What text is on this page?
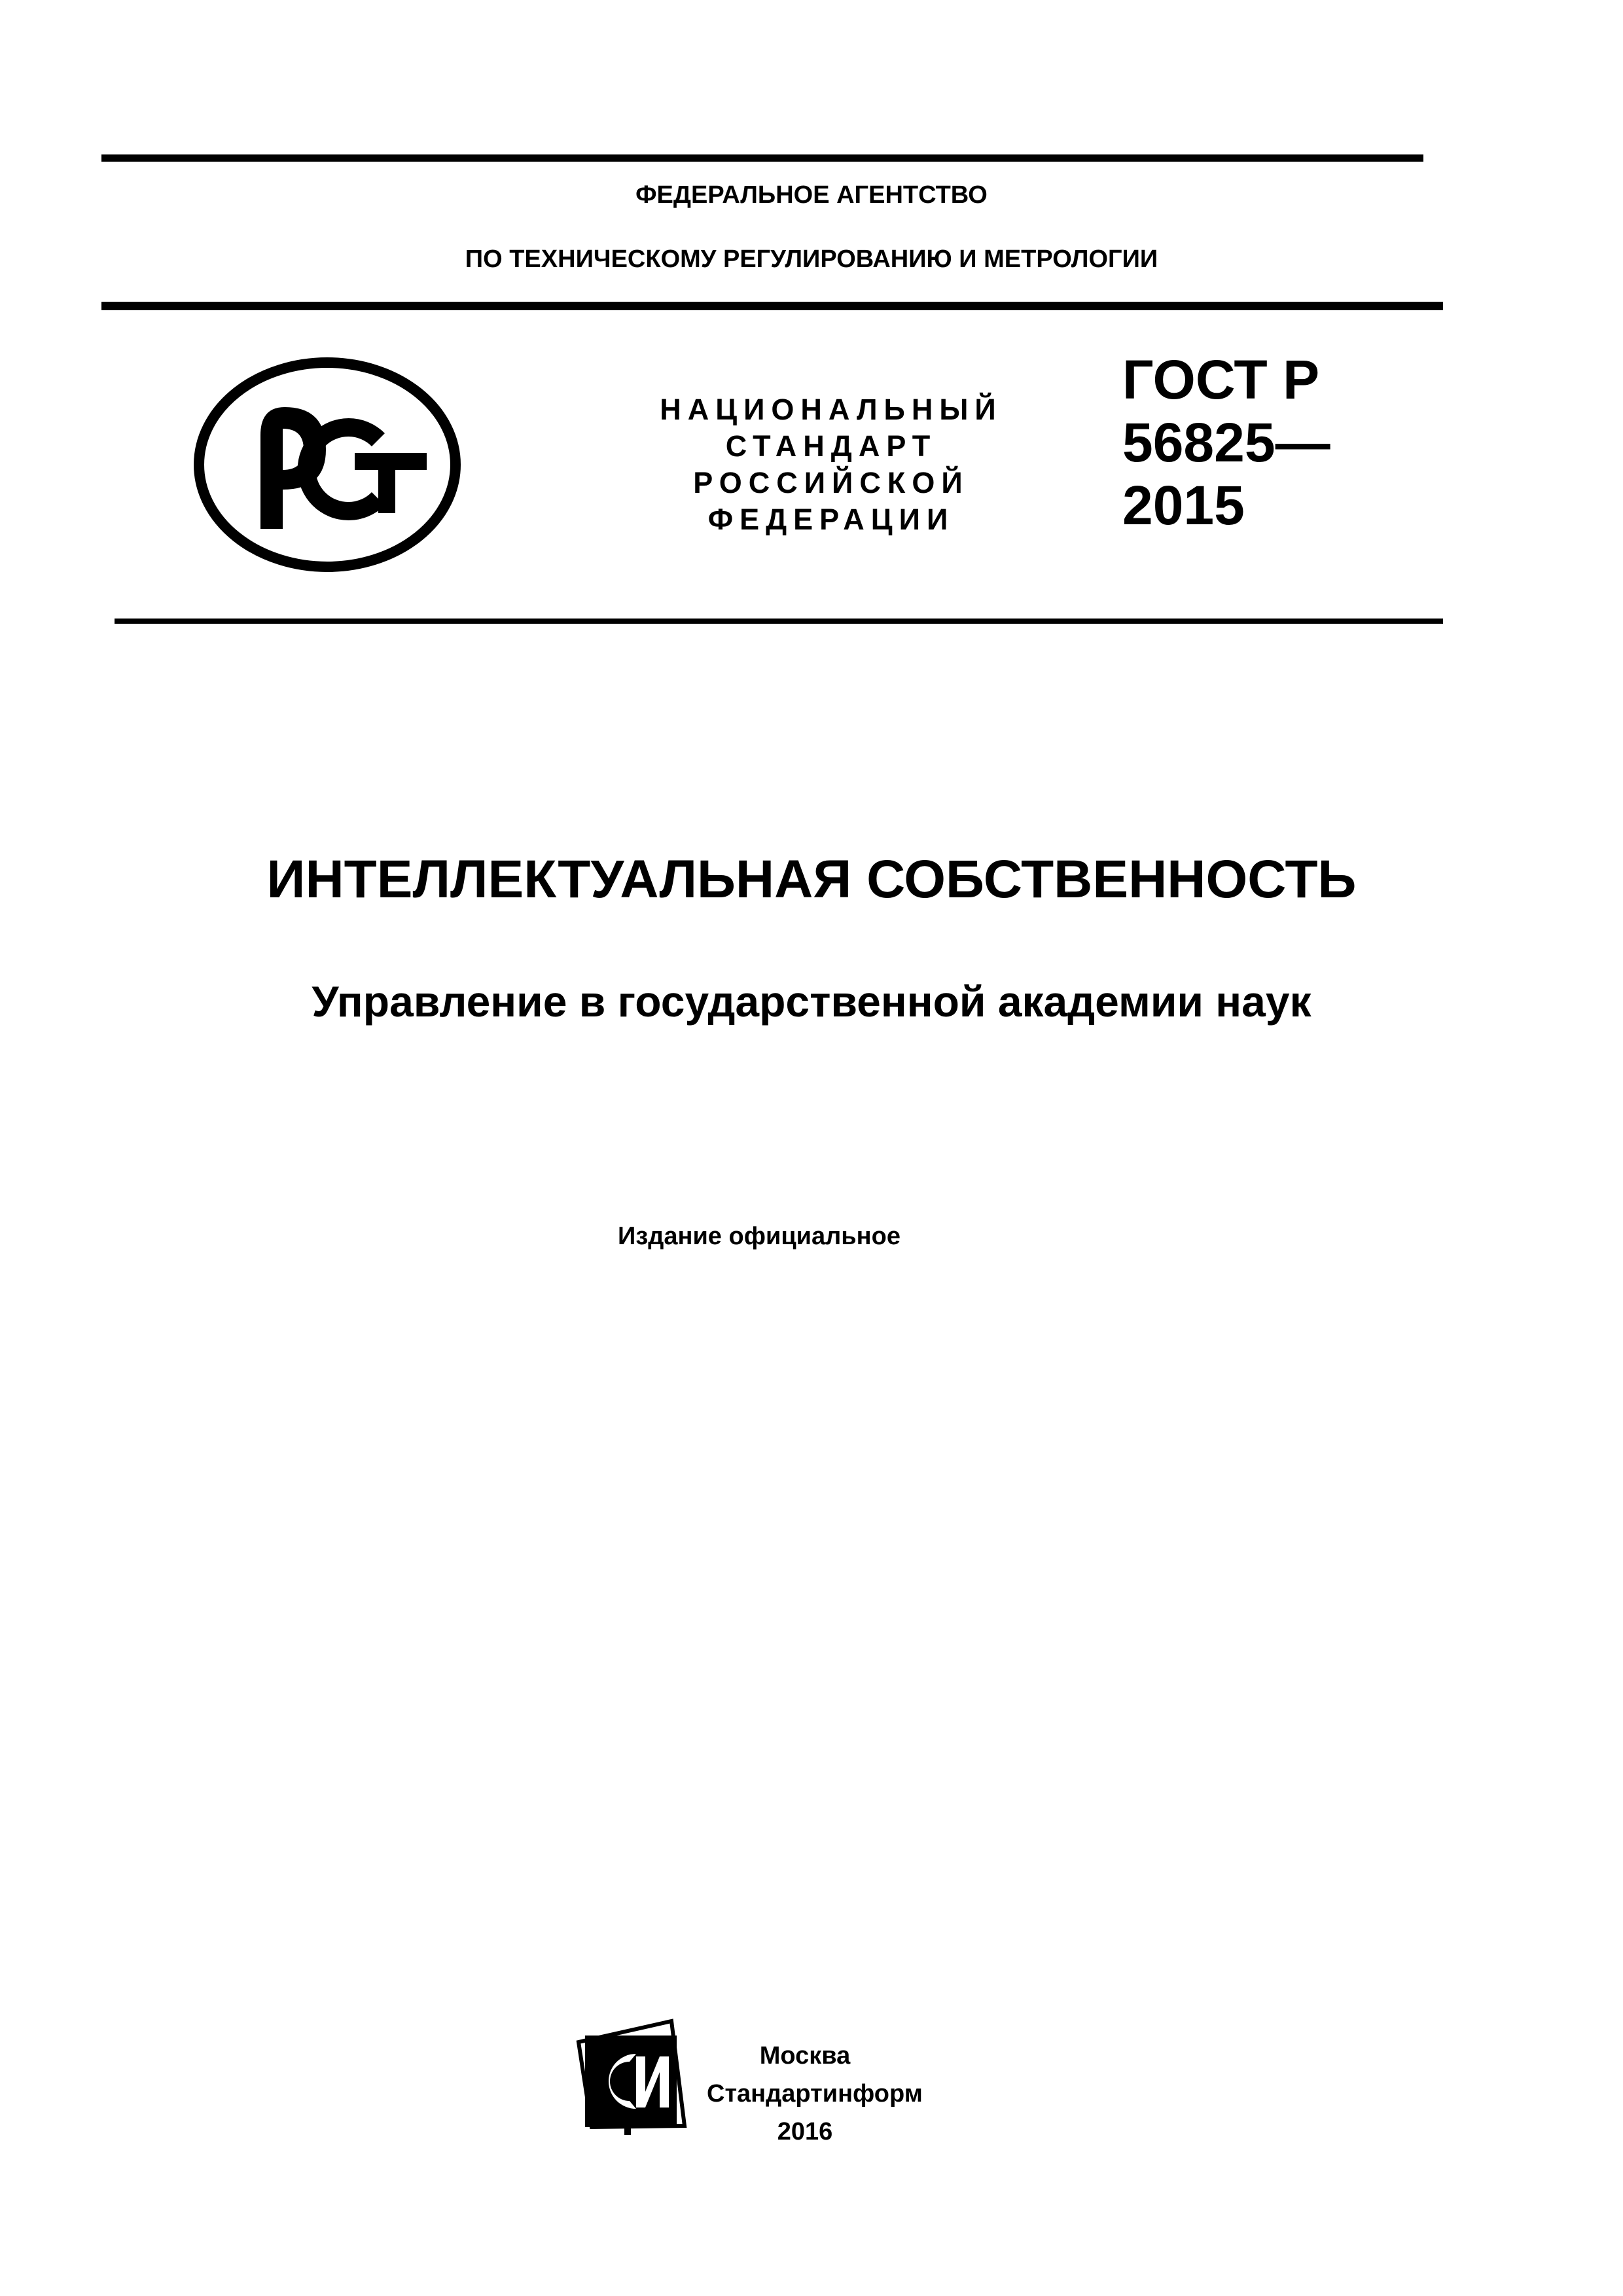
ФЕДЕРАЛЬНОЕ АГЕНТСТВО
ПО ТЕХНИЧЕСКОМУ РЕГУЛИРОВАНИЮ И МЕТРОЛОГИИ
НАЦИОНАЛЬНЫЙ
СТАНДАРТ
РОССИЙСКОЙ
ФЕДЕРАЦИИ
ГОСТ Р
56825—
2015
ИНТЕЛЛЕКТУАЛЬНАЯ СОБСТВЕННОСТЬ
Управление в государственной академии наук
Издание официальное
Москва
Стандартинформ
2016
